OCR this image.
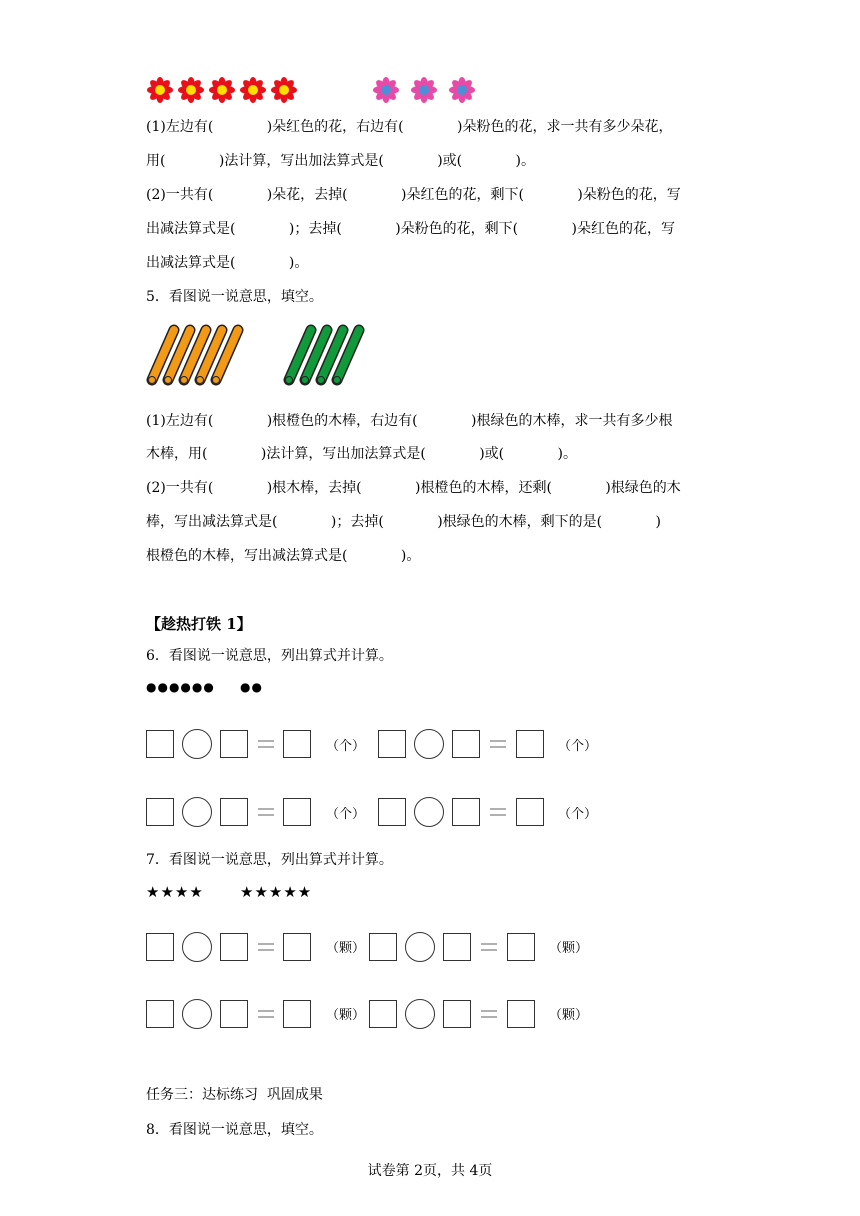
(1)左边有(            )朵红色的花，右边有(            )朵粉色的花，求一共有多少朵花，
用(            )法计算，写出加法算式是(            )或(            )。
(2)一共有(            )朵花，去掉(            )朵红色的花，剩下(            )朵粉色的花，写
出减法算式是(            )；去掉(            )朵粉色的花，剩下(            )朵红色的花，写
出减法算式是(            )。
5．看图说一说意思，填空。
(1)左边有(            )根橙色的木棒，右边有(            )根绿色的木棒，求一共有多少根
木棒，用(            )法计算，写出加法算式是(            )或(            )。
(2)一共有(            )根木棒，去掉(            )根橙色的木棒，还剩(            )根绿色的木
棒，写出减法算式是(            )；去掉(            )根绿色的木棒，剩下的是(            )
根橙色的木棒，写出减法算式是(            )。
【趁热打铁 1】
6．看图说一说意思，列出算式并计算。
●●●●●● ●●
（个）	（个）
（个）	（个）
7．看图说一说意思，列出算式并计算。
★★★★ ★★★★★
（颗）	（颗）
（颗）	（颗）
任务三：达标练习  巩固成果
8．看图说一说意思，填空。
试卷第 2页，共 4页
